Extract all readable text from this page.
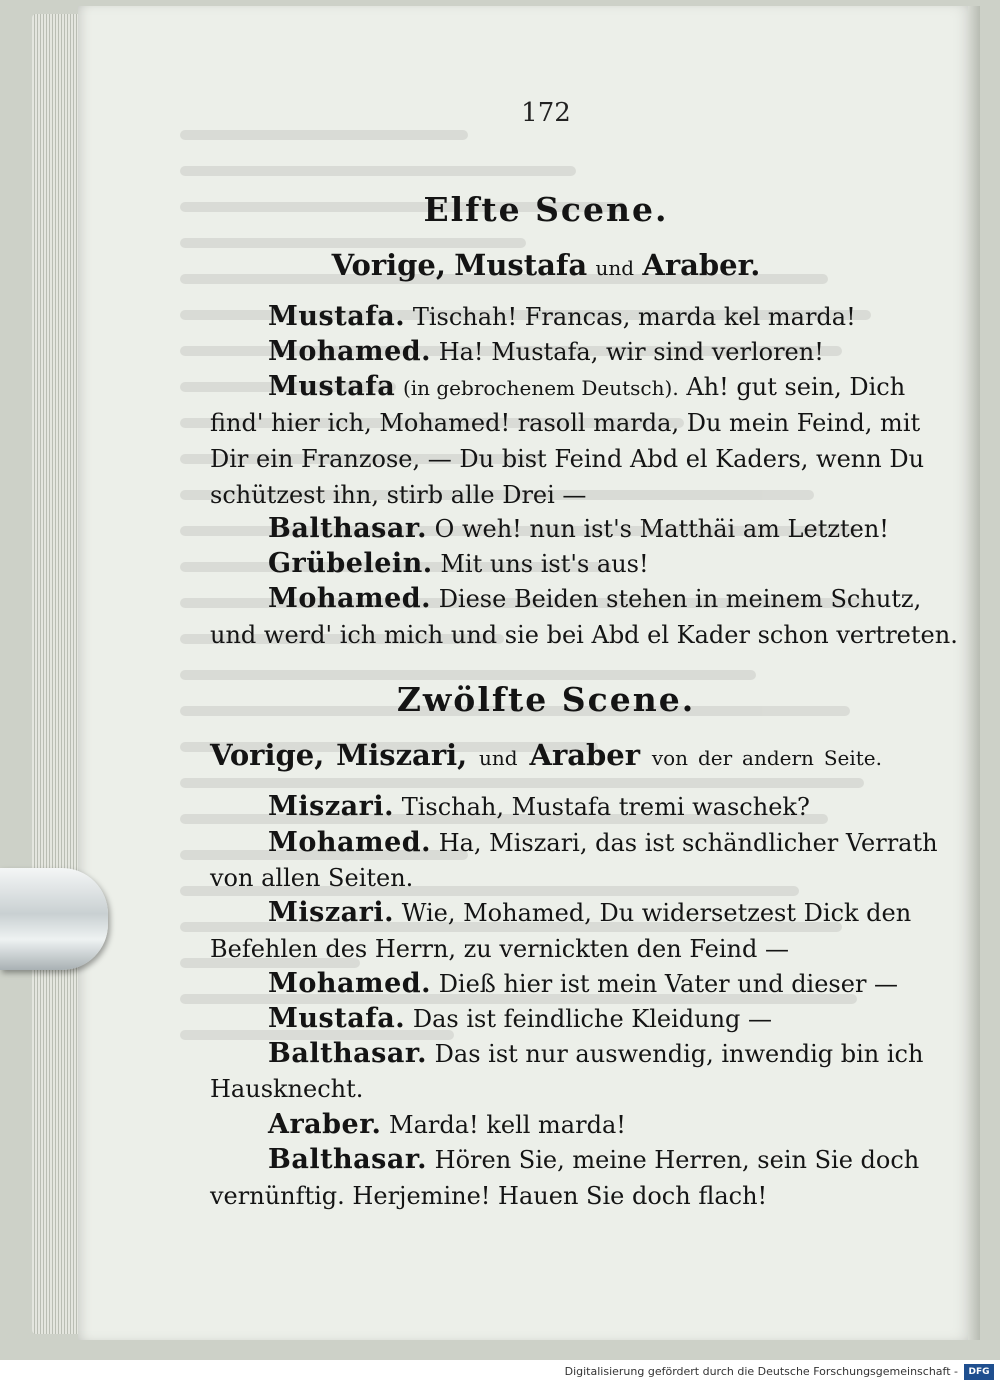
172
Elfte Scene.
Vorige, Mustafa und Araber.
Mustafa. Tischah! Francas, marda kel marda!
Mohamed. Ha! Mustafa, wir sind verloren!
Mustafa (in gebrochenem Deutsch). Ah! gut sein, Dich
find' hier ich, Mohamed! rasoll marda, Du mein Feind, mit
Dir ein Franzose, — Du bist Feind Abd el Kaders, wenn Du
schützest ihn, stirb alle Drei —
Balthasar. O weh! nun ist's Matthäi am Letzten!
Grübelein. Mit uns ist's aus!
Mohamed. Diese Beiden stehen in meinem Schutz,
und werd' ich mich und sie bei Abd el Kader schon vertreten.
Zwölfte Scene.
Vorige, Miszari, und Araber von der andern Seite.
Miszari. Tischah, Mustafa tremi waschek?
Mohamed. Ha, Miszari, das ist schändlicher Verrath
von allen Seiten.
Miszari. Wie, Mohamed, Du widersetzest Dick den
Befehlen des Herrn, zu vernickten den Feind —
Mohamed. Dieß hier ist mein Vater und dieser —
Mustafa. Das ist feindliche Kleidung —
Balthasar. Das ist nur auswendig, inwendig bin ich
Hausknecht.
Araber. Marda! kell marda!
Balthasar. Hören Sie, meine Herren, sein Sie doch
vernünftig. Herjemine! Hauen Sie doch flach!
Digitalisierung gefördert durch die Deutsche Forschungsgemeinschaft -	DFG
